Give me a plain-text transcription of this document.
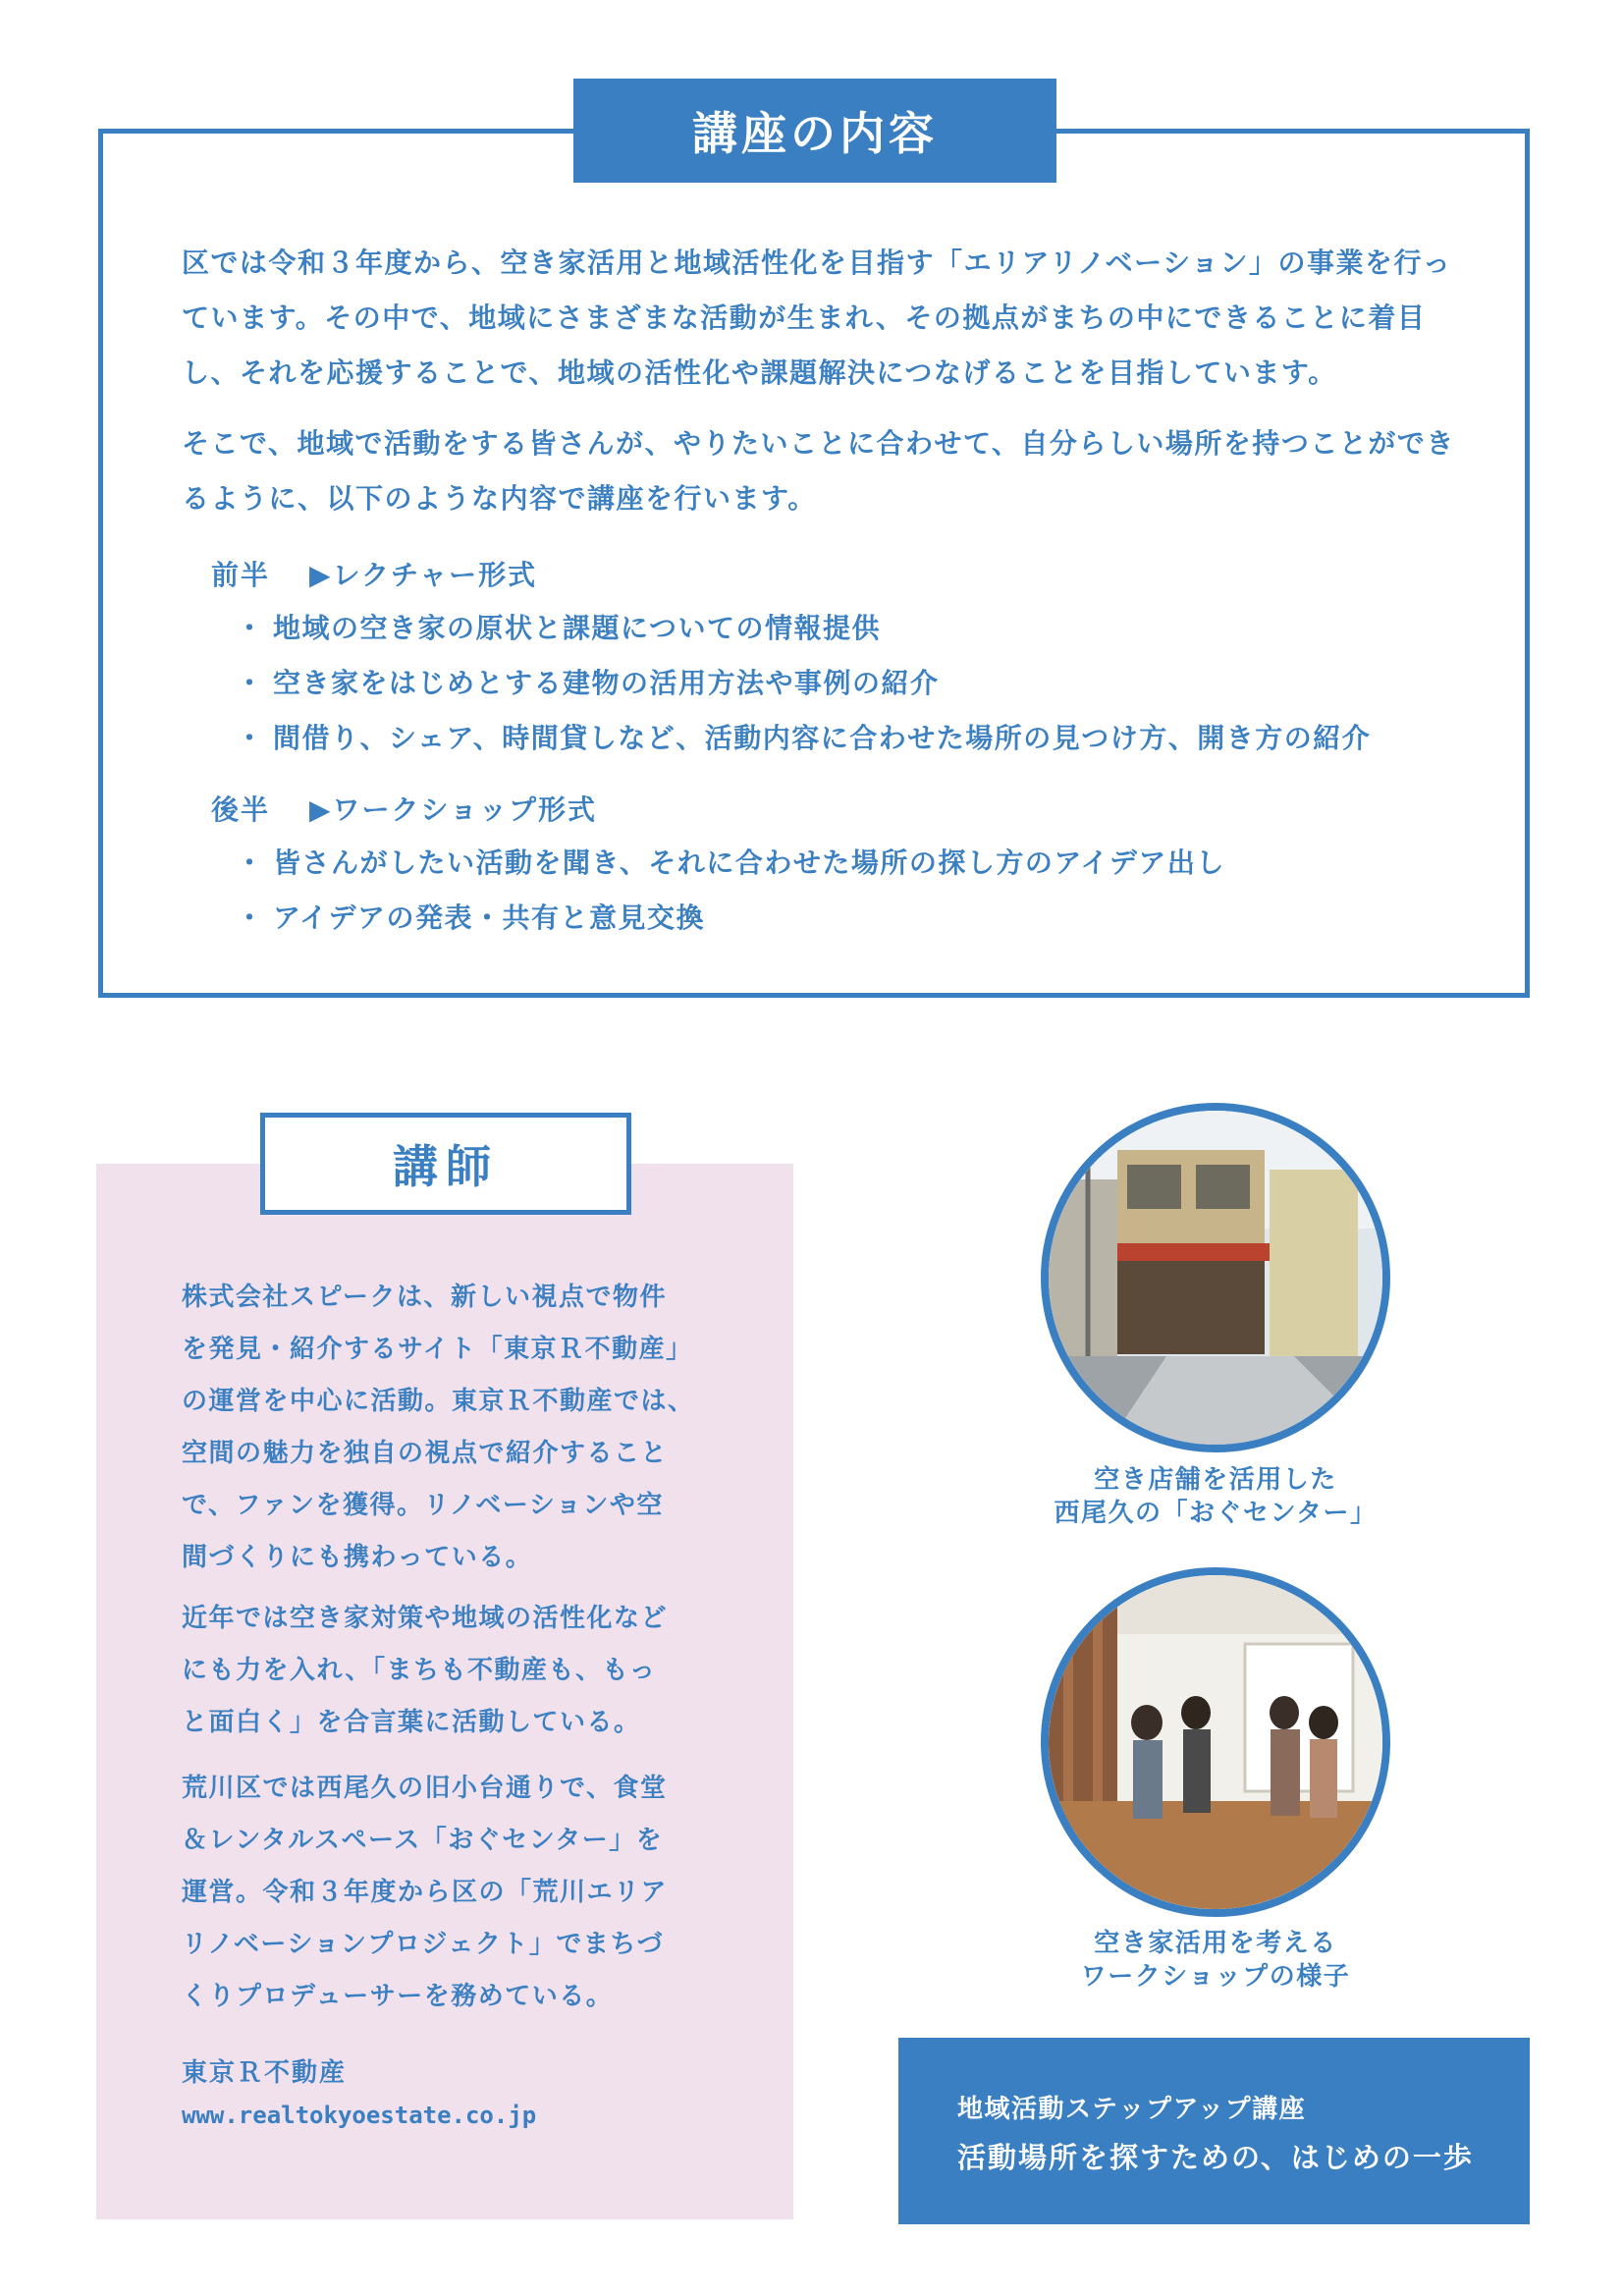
講座の内容
区では令和３年度から、空き家活用と地域活性化を目指す「エリアリノベーション」の事業を行っています。その中で、地域にさまざまな活動が生まれ、その拠点がまちの中にできることに着目し、それを応援することで、地域の活性化や課題解決につなげることを目指しています。
そこで、地域で活動をする皆さんが、やりたいことに合わせて、自分らしい場所を持つことができるように、以下のような内容で講座を行います。
前半 ▶レクチャー形式
・ 地域の空き家の原状と課題についての情報提供
・ 空き家をはじめとする建物の活用方法や事例の紹介
・ 間借り、シェア、時間貸しなど、活動内容に合わせた場所の見つけ方、開き方の紹介
後半 ▶ワークショップ形式
・ 皆さんがしたい活動を聞き、それに合わせた場所の探し方のアイデア出し
・ アイデアの発表・共有と意見交換
講師
株式会社スピークは、新しい視点で物件
を発見・紹介するサイト「東京Ｒ不動産」
の運営を中心に活動。東京Ｒ不動産では、
空間の魅力を独自の視点で紹介すること
で、ファンを獲得。リノベーションや空
間づくりにも携わっている。
近年では空き家対策や地域の活性化など
にも力を入れ、「まちも不動産も、もっ
と面白く」を合言葉に活動している。
荒川区では西尾久の旧小台通りで、食堂
＆レンタルスペース「おぐセンター」を
運営。令和３年度から区の「荒川エリア
リノベーションプロジェクト」でまちづ
くりプロデューサーを務めている。
東京Ｒ不動産
www.realtokyoestate.co.jp
空き店舗を活用した
西尾久の「おぐセンター」
空き家活用を考える
ワークショップの様子
地域活動ステップアップ講座
活動場所を探すための、はじめの一歩
